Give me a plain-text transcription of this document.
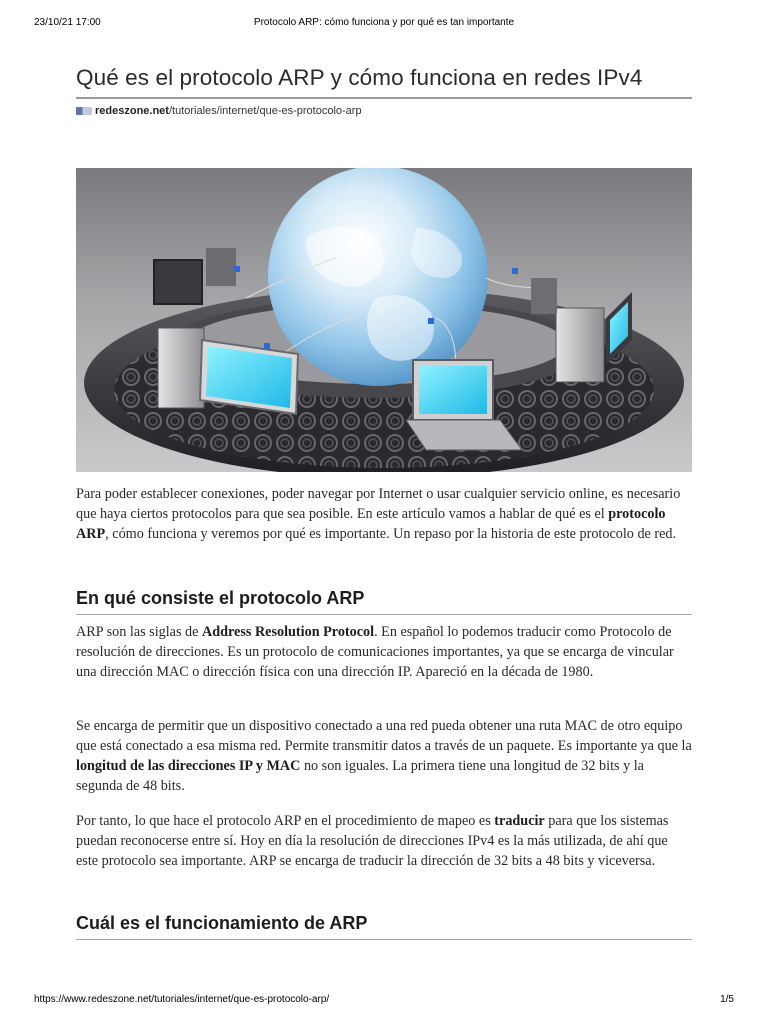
23/10/21 17:00	Protocolo ARP: cómo funciona y por qué es tan importante
Qué es el protocolo ARP y cómo funciona en redes IPv4
redeszone.net /tutoriales/internet/que-es-protocolo-arp

Para poder establecer conexiones, poder navegar por Internet o usar cualquier servicio online, es necesario que haya ciertos protocolos para que sea posible. En este artículo vamos a hablar de qué es el protocolo ARP, cómo funciona y veremos por qué es importante. Un repaso por la historia de este protocolo de red.

En qué consiste el protocolo ARP

ARP son las siglas de Address Resolution Protocol. En español lo podemos traducir como Protocolo de resolución de direcciones. Es un protocolo de comunicaciones importantes, ya que se encarga de vincular una dirección MAC o dirección física con una dirección IP. Apareció en la década de 1980.

Se encarga de permitir que un dispositivo conectado a una red pueda obtener una ruta MAC de otro equipo que está conectado a esa misma red. Permite transmitir datos a través de un paquete. Es importante ya que la longitud de las direcciones IP y MAC no son iguales. La primera tiene una longitud de 32 bits y la segunda de 48 bits.

Por tanto, lo que hace el protocolo ARP en el procedimiento de mapeo es traducir para que los sistemas puedan reconocerse entre sí. Hoy en día la resolución de direcciones IPv4 es la más utilizada, de ahí que este protocolo sea importante. ARP se encarga de traducir la dirección de 32 bits a 48 bits y viceversa.

Cuál es el funcionamiento de ARP
https://www.redeszone.net/tutoriales/internet/que-es-protocolo-arp/	1/5
